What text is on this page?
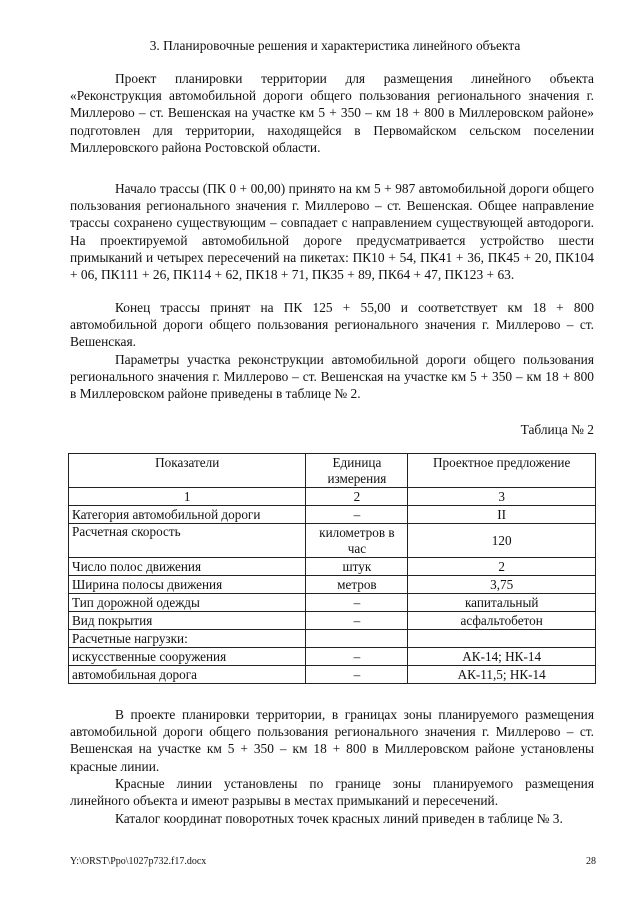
3. Планировочные решения и характеристика линейного объекта

Проект планировки территории для размещения линейного объекта «Реконструкция автомобильной дороги общего пользования регионального значения г. Миллерово – ст. Вешенская на участке км 5 + 350 – км 18 + 800 в Миллеровском районе» подготовлен для территории, находящейся в Первомайском сельском поселении Миллеровского района Ростовской области.

Начало трассы (ПК 0 + 00,00) принято на км 5 + 987 автомобильной дороги общего пользования регионального значения г. Миллерово – ст. Вешенская. Общее направление трассы сохранено существующим – совпадает с направлением существующей автодороги. На проектируемой автомобильной дороге предусматривается устройство шести примыканий и четырех пересечений на пикетах: ПК10 + 54, ПК41 + 36, ПК45 + 20, ПК104 + 06, ПК111 + 26, ПК114 + 62, ПК18 + 71, ПК35 + 89, ПК64 + 47, ПК123 + 63.

Конец трассы принят на ПК 125 + 55,00 и соответствует км 18 + 800 автомобильной дороги общего пользования регионального значения г. Миллерово – ст. Вешенская.

Параметры участка реконструкции автомобильной дороги общего пользования регионального значения г. Миллерово – ст. Вешенская на участке км 5 + 350 – км 18 + 800 в Миллеровском районе приведены в таблице № 2.

Таблица № 2
Показатели	Единица измерения	Проектное предложение
1	2	3
Категория автомобильной дороги	–	II
Расчетная скорость	километров в час	120
Число полос движения	штук	2
Ширина полосы движения	метров	3,75
Тип дорожной одежды	–	капитальный
Вид покрытия	–	асфальтобетон
Расчетные нагрузки:		
искусственные сооружения	–	АК-14; НК-14
автомобильная дорога	–	АК-11,5; НК-14

В проекте планировки территории, в границах зоны планируемого размещения автомобильной дороги общего пользования регионального значения г. Миллерово – ст. Вешенская на участке км 5 + 350 – км 18 + 800 в Миллеровском районе установлены красные линии.

Красные линии установлены по границе зоны планируемого размещения линейного объекта и имеют разрывы в местах примыканий и пересечений.

Каталог координат поворотных точек красных линий приведен в таблице № 3.

Y:\ORST\Ppo\1027p732.f17.docx	28
